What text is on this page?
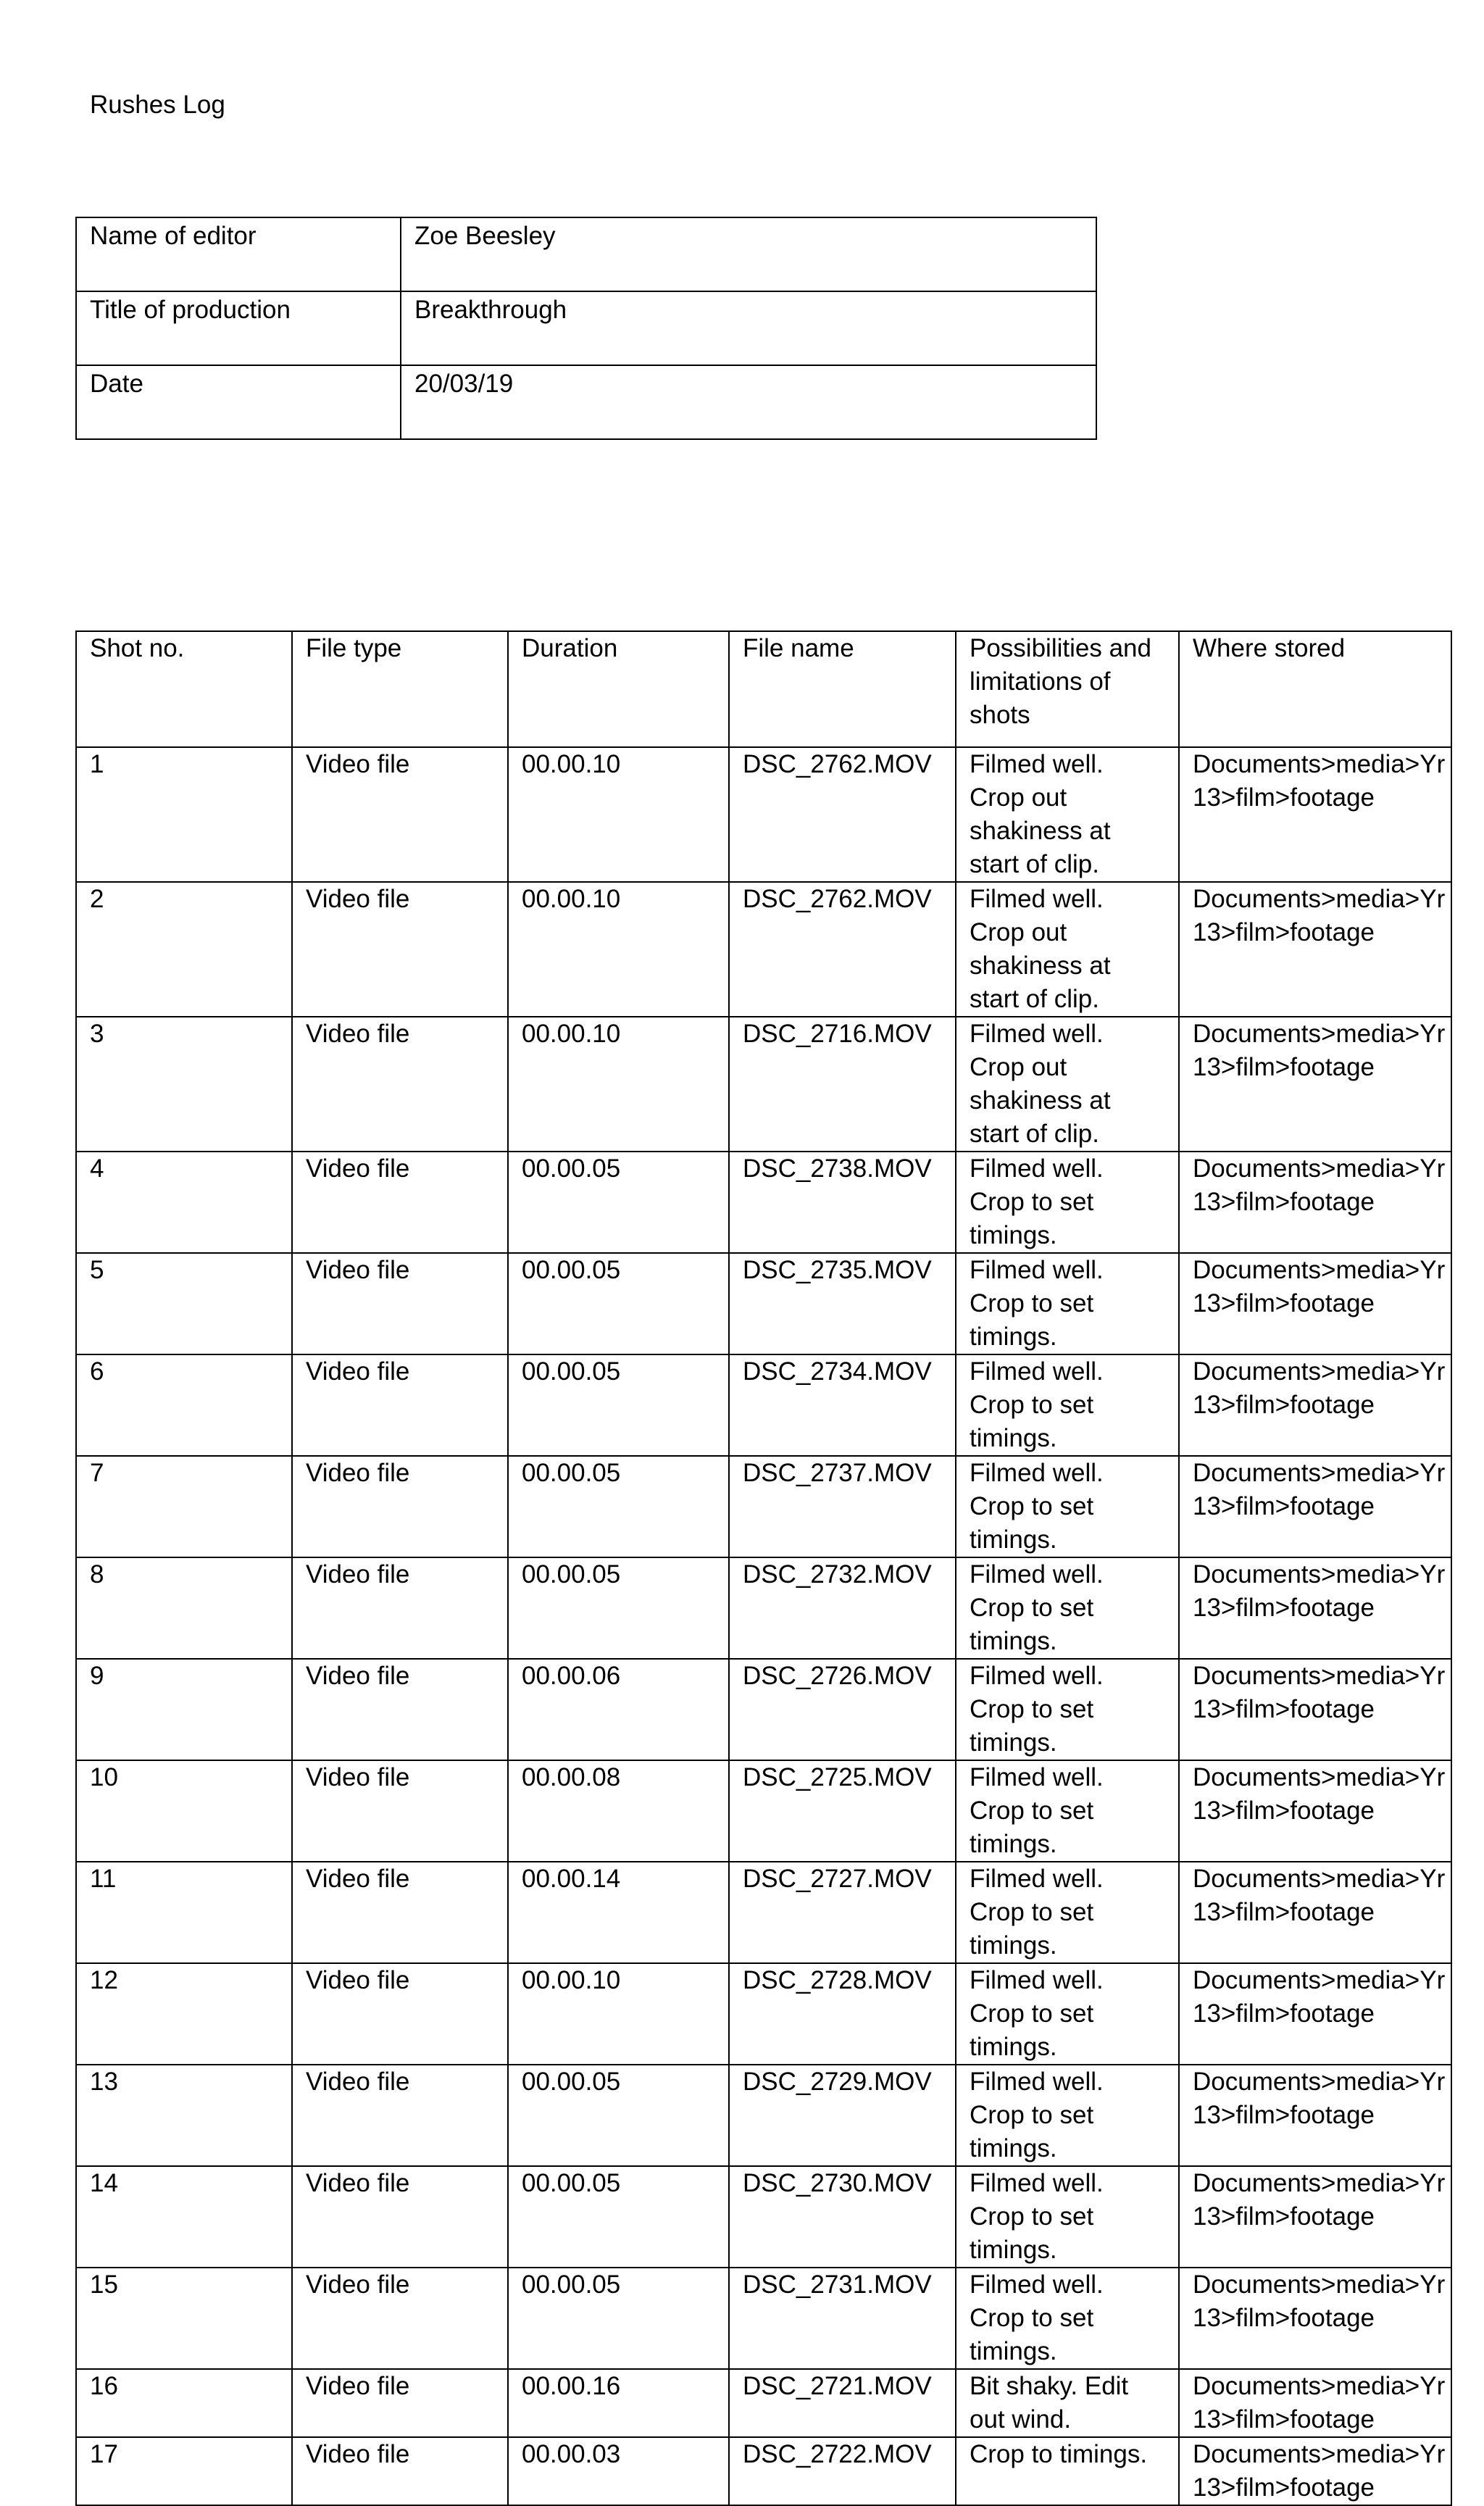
Rushes Log
Name of editor	Zoe Beesley
Title of production	Breakthrough
Date	20/03/19
Shot no.	File type	Duration	File name	Possibilities and limitations of shots	Where stored
1	Video file	00.00.10	DSC_2762.MOV	Filmed well. Crop out shakiness at start of clip.	Documents>media>Yr 13>film>footage
2	Video file	00.00.10	DSC_2762.MOV	Filmed well. Crop out shakiness at start of clip.	Documents>media>Yr 13>film>footage
3	Video file	00.00.10	DSC_2716.MOV	Filmed well. Crop out shakiness at start of clip.	Documents>media>Yr 13>film>footage
4	Video file	00.00.05	DSC_2738.MOV	Filmed well. Crop to set timings.	Documents>media>Yr 13>film>footage
5	Video file	00.00.05	DSC_2735.MOV	Filmed well. Crop to set timings.	Documents>media>Yr 13>film>footage
6	Video file	00.00.05	DSC_2734.MOV	Filmed well. Crop to set timings.	Documents>media>Yr 13>film>footage
7	Video file	00.00.05	DSC_2737.MOV	Filmed well. Crop to set timings.	Documents>media>Yr 13>film>footage
8	Video file	00.00.05	DSC_2732.MOV	Filmed well. Crop to set timings.	Documents>media>Yr 13>film>footage
9	Video file	00.00.06	DSC_2726.MOV	Filmed well. Crop to set timings.	Documents>media>Yr 13>film>footage
10	Video file	00.00.08	DSC_2725.MOV	Filmed well. Crop to set timings.	Documents>media>Yr 13>film>footage
11	Video file	00.00.14	DSC_2727.MOV	Filmed well. Crop to set timings.	Documents>media>Yr 13>film>footage
12	Video file	00.00.10	DSC_2728.MOV	Filmed well. Crop to set timings.	Documents>media>Yr 13>film>footage
13	Video file	00.00.05	DSC_2729.MOV	Filmed well. Crop to set timings.	Documents>media>Yr 13>film>footage
14	Video file	00.00.05	DSC_2730.MOV	Filmed well. Crop to set timings.	Documents>media>Yr 13>film>footage
15	Video file	00.00.05	DSC_2731.MOV	Filmed well. Crop to set timings.	Documents>media>Yr 13>film>footage
16	Video file	00.00.16	DSC_2721.MOV	Bit shaky. Edit out wind.	Documents>media>Yr 13>film>footage
17	Video file	00.00.03	DSC_2722.MOV	Crop to timings.	Documents>media>Yr 13>film>footage
